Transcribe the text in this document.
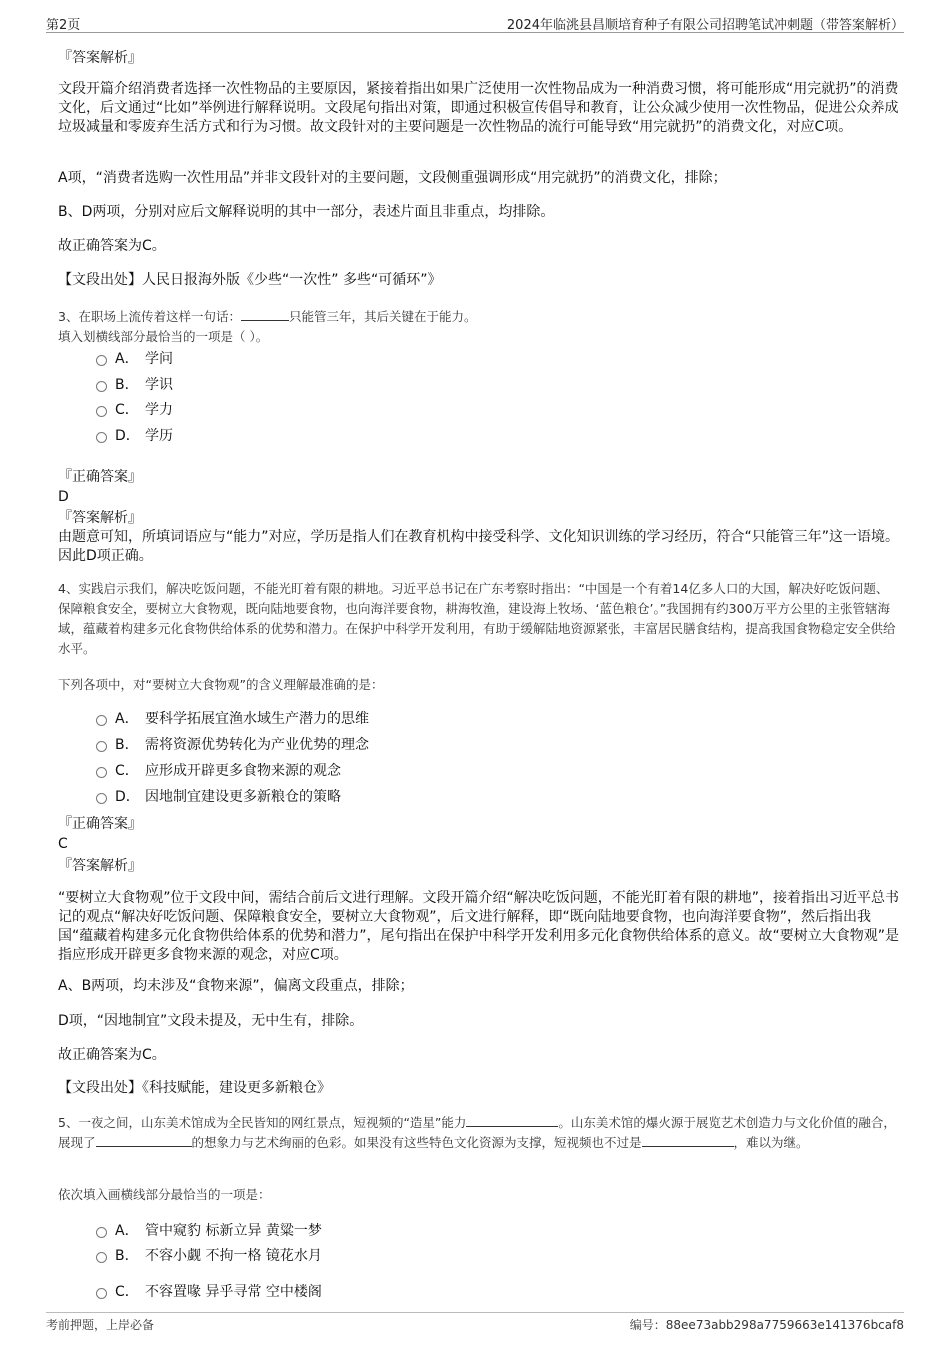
第2页	2024年临洮县昌顺培育种子有限公司招聘笔试冲刺题（带答案解析）
『答案解析』
文段开篇介绍消费者选择一次性物品的主要原因，紧接着指出如果广泛使用一次性物品成为一种消费习惯，将可能形成“用完就扔”的消费文化，后文通过“比如”举例进行解释说明。文段尾句指出对策，即通过积极宣传倡导和教育，让公众减少使用一次性物品，促进公众养成垃圾减量和零废弃生活方式和行为习惯。故文段针对的主要问题是一次性物品的流行可能导致“用完就扔”的消费文化，对应C项。
A项，“消费者选购一次性用品”并非文段针对的主要问题，文段侧重强调形成“用完就扔”的消费文化，排除；
B、D两项，分别对应后文解释说明的其中一部分，表述片面且非重点，均排除。
故正确答案为C。
【文段出处】人民日报海外版《少些“一次性” 多些“可循环”》
3、在职场上流传着这样一句话：	只能管三年，其后关键在于能力。
填入划横线部分最恰当的一项是（ ）。
A． 学问
B． 学识
C． 学力
D． 学历
『正确答案』
D
『答案解析』
由题意可知，所填词语应与“能力”对应，学历是指人们在教育机构中接受科学、文化知识训练的学习经历，符合“只能管三年”这一语境。因此D项正确。
4、实践启示我们，解决吃饭问题，不能光盯着有限的耕地。习近平总书记在广东考察时指出：“中国是一个有着14亿多人口的大国，解决好吃饭问题、保障粮食安全，要树立大食物观，既向陆地要食物，也向海洋要食物，耕海牧渔，建设海上牧场、‘蓝色粮仓’。”我国拥有约300万平方公里的主张管辖海域，蕴藏着构建多元化食物供给体系的优势和潜力。在保护中科学开发利用，有助于缓解陆地资源紧张，丰富居民膳食结构，提高我国食物稳定安全供给水平。
下列各项中，对“要树立大食物观”的含义理解最准确的是：
A． 要科学拓展宜渔水域生产潜力的思维
B． 需将资源优势转化为产业优势的理念
C． 应形成开辟更多食物来源的观念
D． 因地制宜建设更多新粮仓的策略
『正确答案』
C
『答案解析』
“要树立大食物观”位于文段中间，需结合前后文进行理解。文段开篇介绍“解决吃饭问题，不能光盯着有限的耕地”，接着指出习近平总书记的观点“解决好吃饭问题、保障粮食安全，要树立大食物观”，后文进行解释，即“既向陆地要食物，也向海洋要食物”，然后指出我国“蕴藏着构建多元化食物供给体系的优势和潜力”，尾句指出在保护中科学开发利用多元化食物供给体系的意义。故“要树立大食物观”是指应形成开辟更多食物来源的观念，对应C项。
A、B两项，均未涉及“食物来源”，偏离文段重点，排除；
D项，“因地制宜”文段未提及，无中生有，排除。
故正确答案为C。
【文段出处】《科技赋能，建设更多新粮仓》
5、一夜之间，山东美术馆成为全民皆知的网红景点，短视频的“造星”能力	。山东美术馆的爆火源于展览艺术创造力与文化价值的融合，展现了	的想象力与艺术绚丽的色彩。如果没有这些特色文化资源为支撑，短视频也不过是	，难以为继。
依次填入画横线部分最恰当的一项是：
A． 管中窥豹 标新立异 黄粱一梦
B． 不容小觑 不拘一格 镜花水月
C． 不容置喙 异乎寻常 空中楼阁
考前押题，上岸必备	编号：88ee73abb298a7759663e141376bcaf8
